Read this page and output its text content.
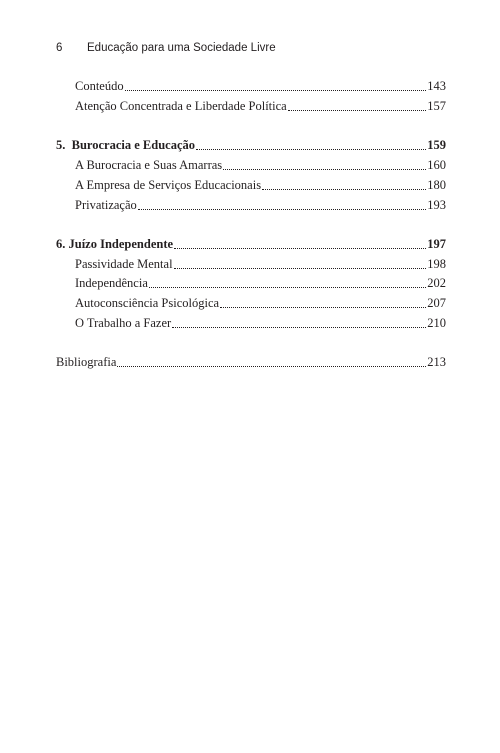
6	Educação para uma Sociedade Livre
Conteúdo	143
Atenção Concentrada e Liberdade Política	157
5.  Burocracia e Educação	159
A Burocracia e Suas Amarras	160
A Empresa de Serviços Educacionais	180
Privatização	193
6. Juízo Independente	197
Passividade Mental	198
Independência	202
Autoconsciência Psicológica	207
O Trabalho a Fazer	210
Bibliografia	213
